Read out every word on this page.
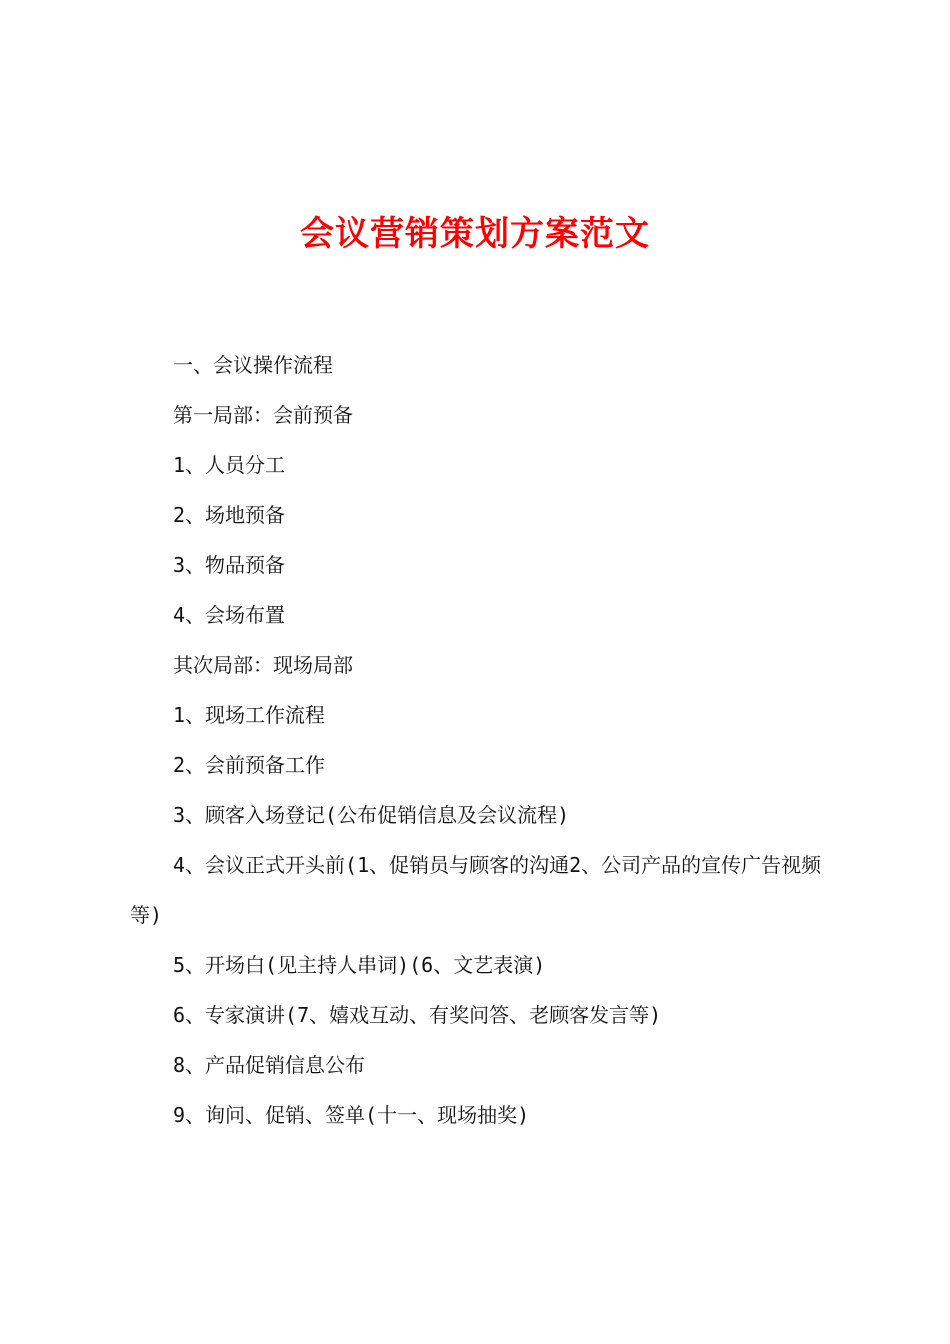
会议营销策划方案范文

一、会议操作流程

第一局部：会前预备

1、人员分工

2、场地预备

3、物品预备

4、会场布置

其次局部：现场局部

1、现场工作流程

2、会前预备工作

3、顾客入场登记(公布促销信息及会议流程)

4、会议正式开头前(1、促销员与顾客的沟通2、公司产品的宣传广告视频等)

5、开场白(见主持人串词)(6、文艺表演)

6、专家演讲(7、嬉戏互动、有奖问答、老顾客发言等)

8、产品促销信息公布

9、询问、促销、签单(十一、现场抽奖)
